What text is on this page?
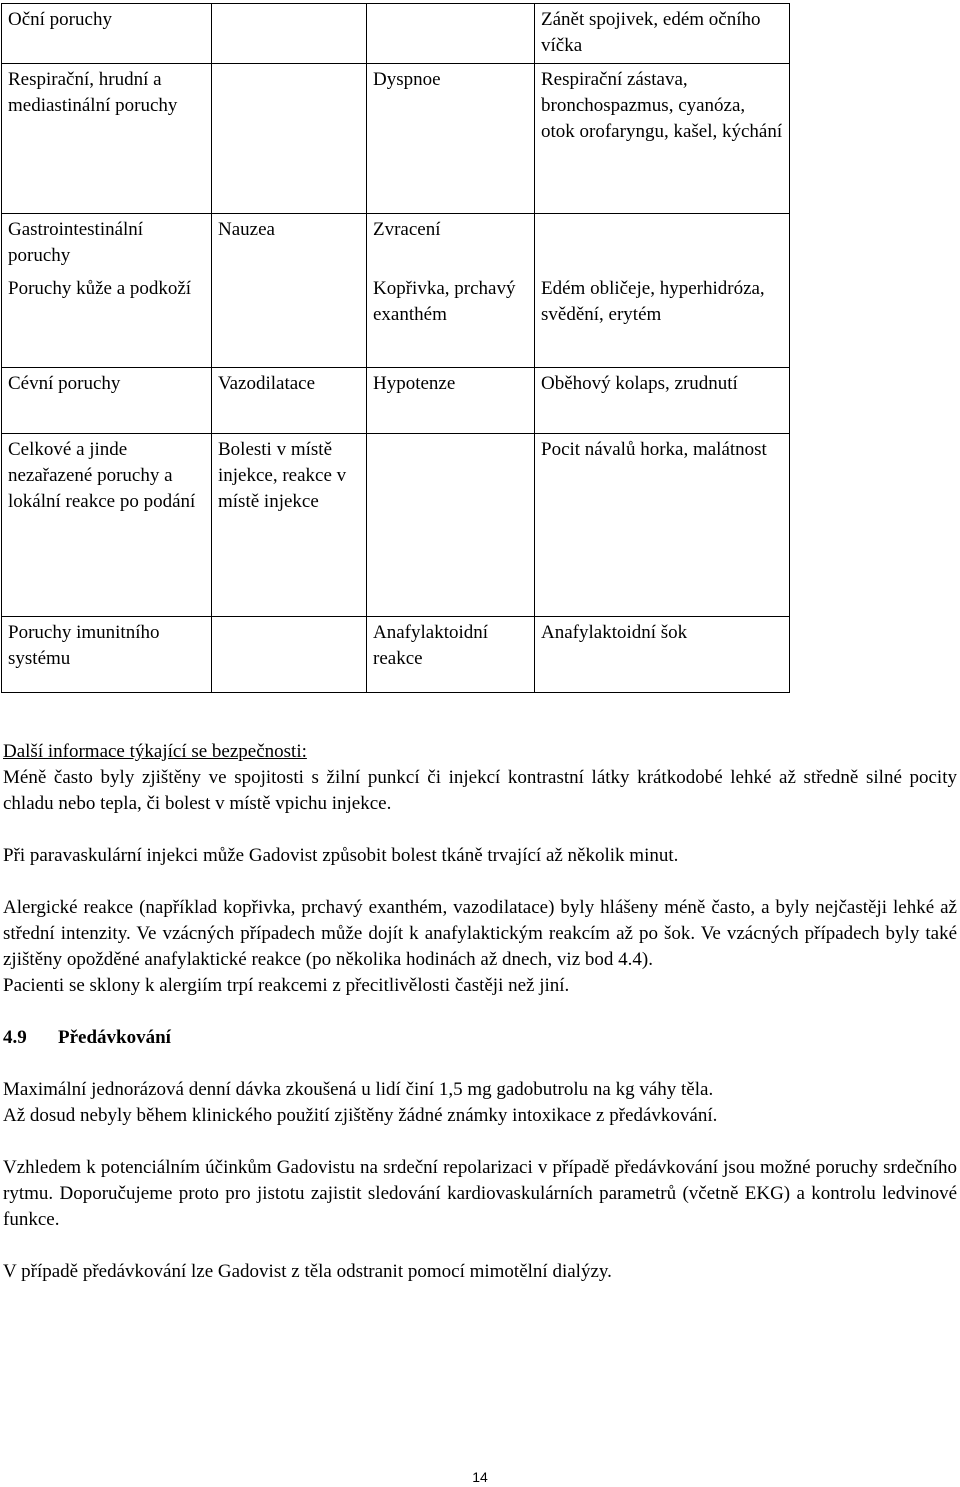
Oční poruchy			Zánět spojivek, edém očního víčka
Respirační, hrudní a mediastinální poruchy		Dyspnoe	Respirační zástava, bronchospazmus, cyanóza, otok orofaryngu, kašel, kýchání
Gastrointestinální poruchy	Nauzea	Zvracení	
Poruchy kůže a podkoží		Kopřivka, prchavý exanthém	Edém obličeje, hyperhidróza, svědění, erytém
Cévní poruchy	Vazodilatace	Hypotenze	Oběhový kolaps, zrudnutí
Celkové a jinde nezařazené poruchy a lokální reakce po podání	Bolesti v místě injekce, reakce v místě injekce		Pocit návalů horka, malátnost
Poruchy imunitního systému		Anafylaktoidní reakce	Anafylaktoidní šok

Další informace týkající se bezpečnosti:

Méně často byly zjištěny ve spojitosti s žilní punkcí či injekcí kontrastní látky krátkodobé lehké až středně silné pocity chladu nebo tepla, či bolest v místě vpichu injekce.

Při paravaskulární injekci může Gadovist způsobit bolest tkáně trvající až několik minut.

Alergické reakce (například kopřivka, prchavý exanthém, vazodilatace) byly hlášeny méně často, a byly nejčastěji lehké až střední intenzity. Ve vzácných případech může dojít k anafylaktickým reakcím až po šok. Ve vzácných případech byly také zjištěny opožděné anafylaktické reakce (po několika hodinách až dnech, viz bod 4.4).

Pacienti se sklony k alergiím trpí reakcemi z přecitlivělosti častěji než jiní.

4.9 Předávkování

Maximální jednorázová denní dávka zkoušená u lidí činí 1,5 mg gadobutrolu na kg váhy těla.

Až dosud nebyly během klinického použití zjištěny žádné známky intoxikace z předávkování.

Vzhledem k potenciálním účinkům Gadovistu na srdeční repolarizaci v případě předávkování jsou možné poruchy srdečního rytmu. Doporučujeme proto pro jistotu zajistit sledování kardiovaskulárních parametrů (včetně EKG) a kontrolu ledvinové funkce.

V případě předávkování lze Gadovist z těla odstranit pomocí mimotělní dialýzy.

14
